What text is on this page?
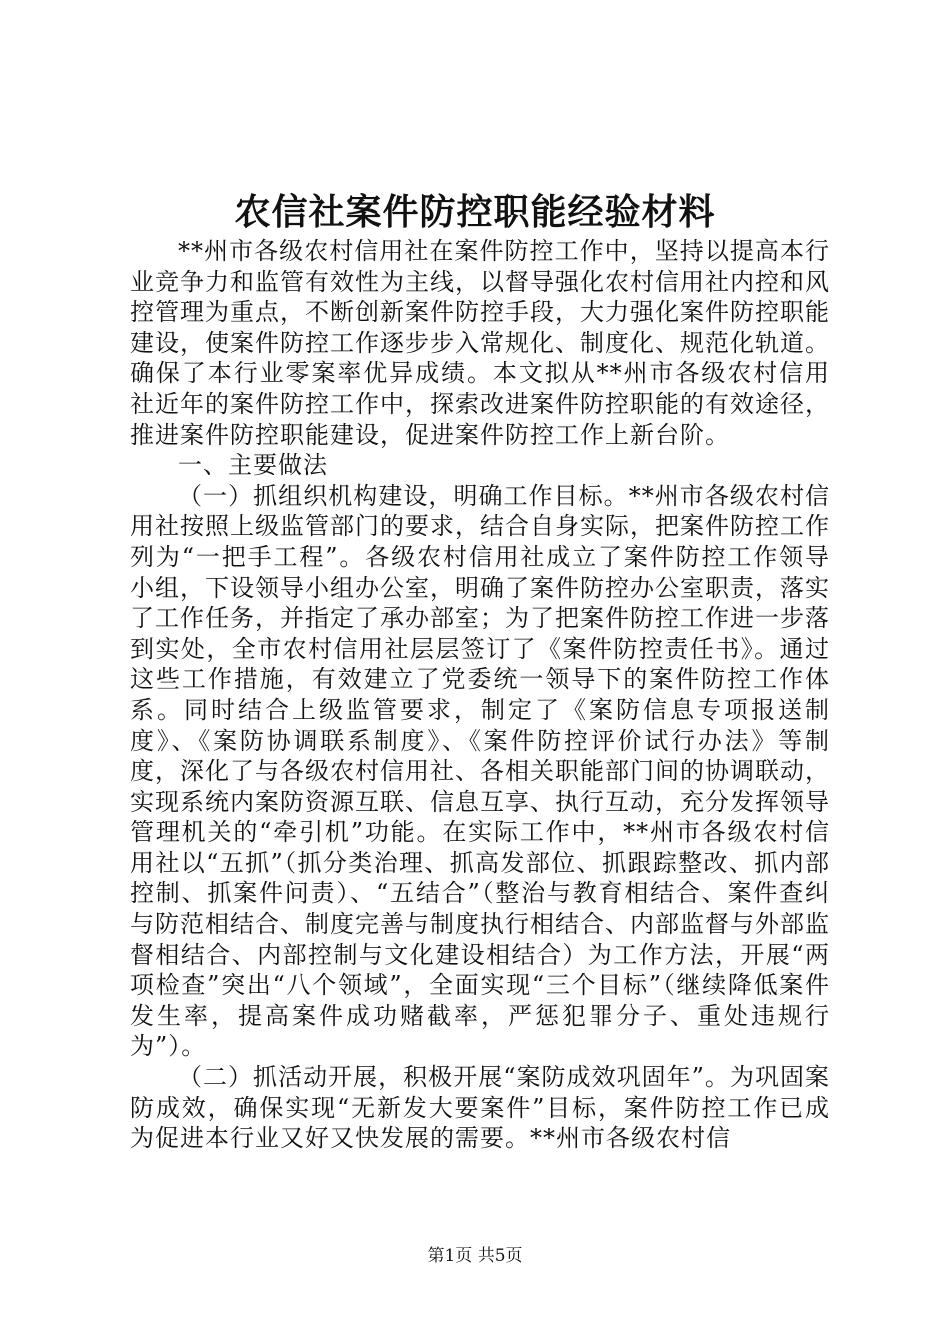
农信社案件防控职能经验材料

**州市各级农村信用社在案件防控工作中，坚持以提高本行业竞争力和监管有效性为主线，以督导强化农村信用社内控和风控管理为重点，不断创新案件防控手段，大力强化案件防控职能建设，使案件防控工作逐步步入常规化、制度化、规范化轨道。确保了本行业零案率优异成绩。本文拟从**州市各级农村信用社近年的案件防控工作中，探索改进案件防控职能的有效途径，推进案件防控职能建设，促进案件防控工作上新台阶。

一、主要做法

（一）抓组织机构建设，明确工作目标。**州市各级农村信用社按照上级监管部门的要求，结合自身实际，把案件防控工作列为“一把手工程”。各级农村信用社成立了案件防控工作领导小组，下设领导小组办公室，明确了案件防控办公室职责，落实了工作任务，并指定了承办部室；为了把案件防控工作进一步落到实处，全市农村信用社层层签订了《案件防控责任书》。通过这些工作措施，有效建立了党委统一领导下的案件防控工作体系。同时结合上级监管要求，制定了《案防信息专项报送制度》、《案防协调联系制度》、《案件防控评价试行办法》等制度，深化了与各级农村信用社、各相关职能部门间的协调联动，实现系统内案防资源互联、信息互享、执行互动，充分发挥领导管理机关的“牵引机”功能。在实际工作中，**州市各级农村信用社以“五抓”（抓分类治理、抓高发部位、抓跟踪整改、抓内部控制、抓案件问责）、“五结合”（整治与教育相结合、案件查纠与防范相结合、制度完善与制度执行相结合、内部监督与外部监督相结合、内部控制与文化建设相结合）为工作方法，开展“两项检查”突出“八个领域”，全面实现“三个目标”（继续降低案件发生率，提高案件成功赌截率，严惩犯罪分子、重处违规行为”）。

（二）抓活动开展，积极开展“案防成效巩固年”。为巩固案防成效，确保实现“无新发大要案件”目标，案件防控工作已成为促进本行业又好又快发展的需要。**州市各级农村信

第1页 共5页
